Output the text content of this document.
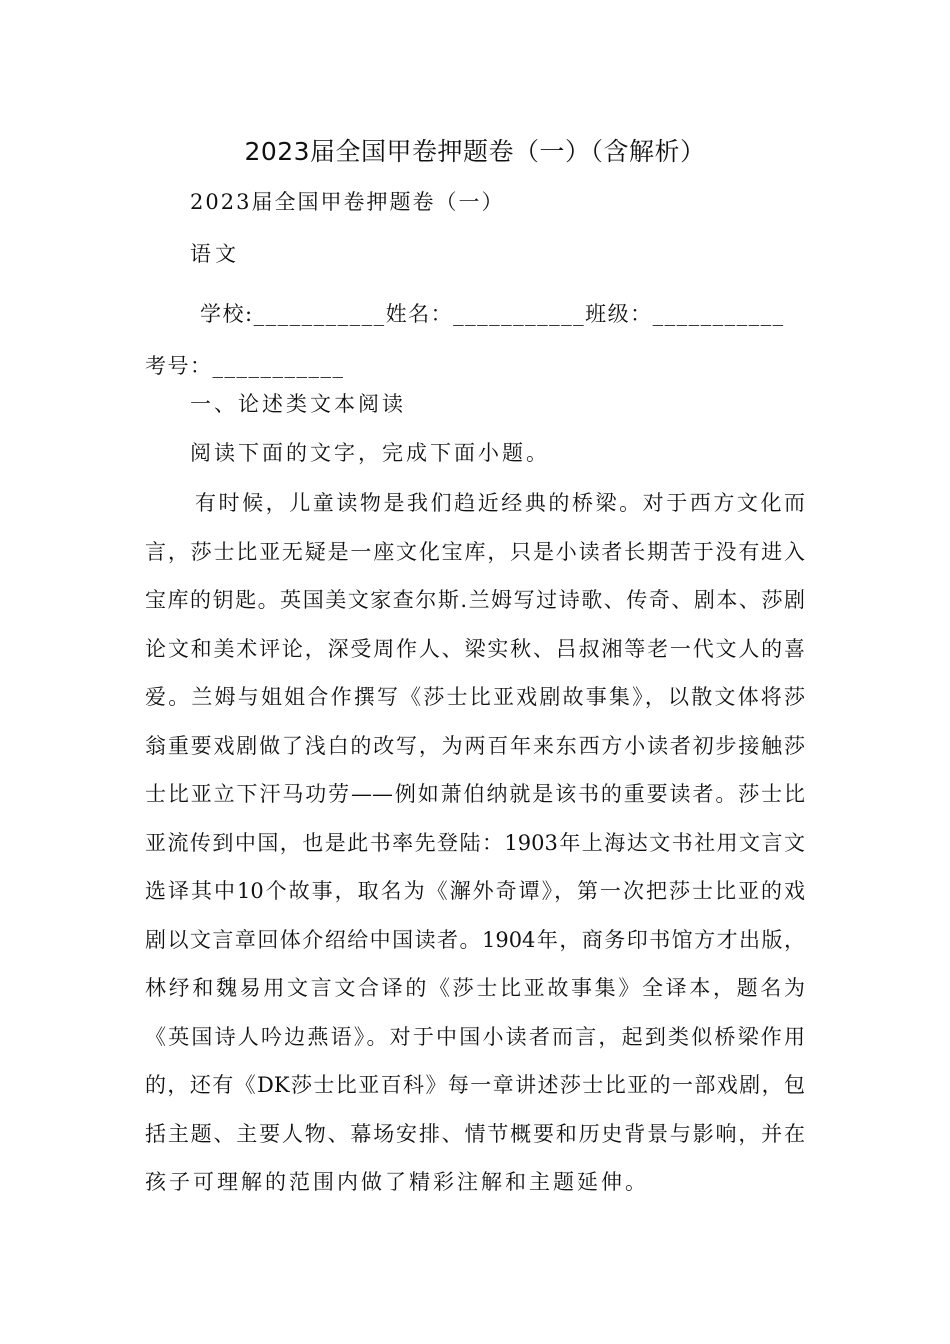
2023届全国甲卷押题卷（一）（含解析）
2023届全国甲卷押题卷（一）
语文
学校:___________姓名：___________班级：___________考号：___________
一、论述类文本阅读
阅读下面的文字，完成下面小题。
有时候，儿童读物是我们趋近经典的桥梁。对于西方文化而
言，莎士比亚无疑是一座文化宝库，只是小读者长期苦于没有进入
宝库的钥匙。英国美文家查尔斯.兰姆写过诗歌、传奇、剧本、莎剧
论文和美术评论，深受周作人、梁实秋、吕叔湘等老一代文人的喜
爱。兰姆与姐姐合作撰写《莎士比亚戏剧故事集》，以散文体将莎
翁重要戏剧做了浅白的改写，为两百年来东西方小读者初步接触莎
士比亚立下汗马功劳——例如萧伯纳就是该书的重要读者。莎士比
亚流传到中国，也是此书率先登陆：1903年上海达文书社用文言文
选译其中10个故事，取名为《澥外奇谭》，第一次把莎士比亚的戏
剧以文言章回体介绍给中国读者。1904年，商务印书馆方才出版，
林纾和魏易用文言文合译的《莎士比亚故事集》全译本，题名为
《英国诗人吟边燕语》。对于中国小读者而言，起到类似桥梁作用
的，还有《DK莎士比亚百科》每一章讲述莎士比亚的一部戏剧，包
括主题、主要人物、幕场安排、情节概要和历史背景与影响，并在
孩子可理解的范围内做了精彩注解和主题延伸。
